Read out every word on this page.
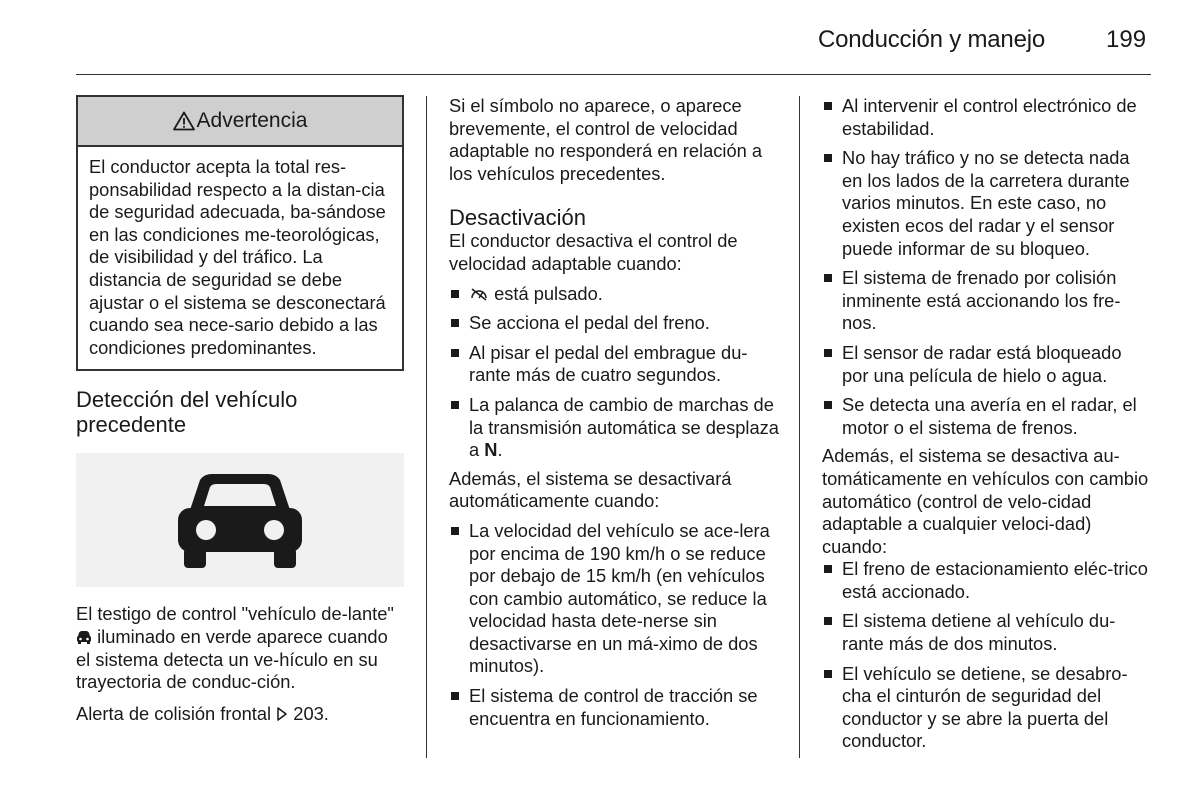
Conducción y manejo	199
Advertencia
El conductor acepta la total res-ponsabilidad respecto a la distan-cia de seguridad adecuada, ba-sándose en las condiciones me-teorológicas, de visibilidad y del tráfico. La distancia de seguridad se debe ajustar o el sistema se desconectará cuando sea nece-sario debido a las condiciones predominantes.
Detección del vehículo precedente

El testigo de control "vehículo de-lante"  iluminado en verde aparece cuando el sistema detecta un ve-hículo en su trayectoria de conduc-ción.

Alerta de colisión frontal 203.

Si el símbolo no aparece, o aparece brevemente, el control de velocidad adaptable no responderá en relación a los vehículos precedentes.

Desactivación

El conductor desactiva el control de velocidad adaptable cuando:

está pulsado.
Se acciona el pedal del freno.
Al pisar el pedal del embrague du-rante más de cuatro segundos.
La palanca de cambio de marchas de la transmisión automática se desplaza a N.

Además, el sistema se desactivará automáticamente cuando:

La velocidad del vehículo se ace-lera por encima de 190 km/h o se reduce por debajo de 15 km/h (en vehículos con cambio automático, se reduce la velocidad hasta dete-nerse sin desactivarse en un má-ximo de dos minutos).
El sistema de control de tracción se encuentra en funcionamiento.
Al intervenir el control electrónico de estabilidad.
No hay tráfico y no se detecta nada en los lados de la carretera durante varios minutos. En este caso, no existen ecos del radar y el sensor puede informar de su bloqueo.
El sistema de frenado por colisión inminente está accionando los fre-nos.
El sensor de radar está bloqueado por una película de hielo o agua.
Se detecta una avería en el radar, el motor o el sistema de frenos.

Además, el sistema se desactiva au-tomáticamente en vehículos con cambio automático (control de velo-cidad adaptable a cualquier veloci-dad) cuando:

El freno de estacionamiento eléc-trico está accionado.
El sistema detiene al vehículo du-rante más de dos minutos.
El vehículo se detiene, se desabro-cha el cinturón de seguridad del conductor y se abre la puerta del conductor.
